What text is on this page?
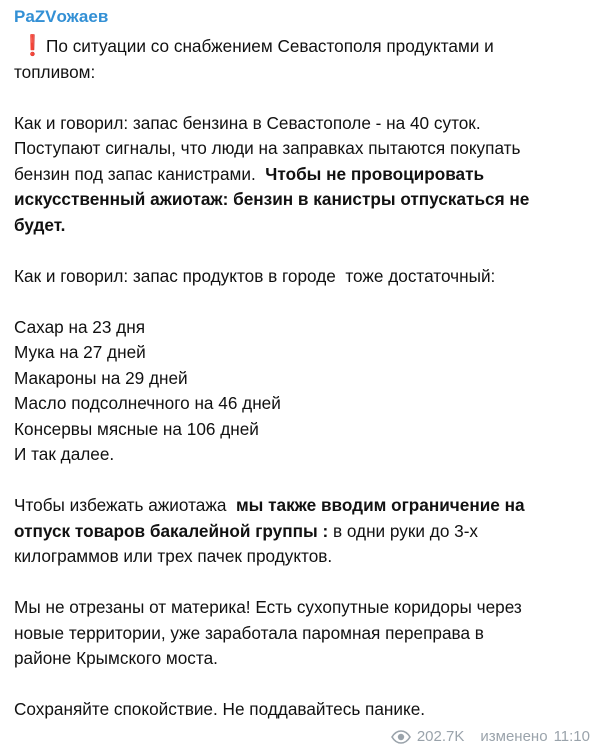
PaZVожаев
❗По ситуации со снабжением Севастополя продуктами и
топливом:
Как и говорил: запас бензина в Севастополе - на 40 суток.
Поступают сигналы, что люди на заправках пытаются покупать
бензин под запас канистрами.  Чтобы не провоцировать
искусственный ажиотаж: бензин в канистры отпускаться не
будет.
Как и говорил: запас продуктов в городе  тоже достаточный:
Сахар на 23 дня
Мука на 27 дней
Макароны на 29 дней
Масло подсолнечного на 46 дней
Консервы мясные на 106 дней
И так далее.
Чтобы избежать ажиотажа  мы также вводим ограничение на
отпуск товаров бакалейной группы : в одни руки до 3-х
килограммов или трех пачек продуктов.
Мы не отрезаны от материка! Есть сухопутные коридоры через
новые территории, уже заработала паромная переправа в
районе Крымского моста.
Сохраняйте спокойствие. Не поддавайтесь панике.
202.7K изменено 11:10
